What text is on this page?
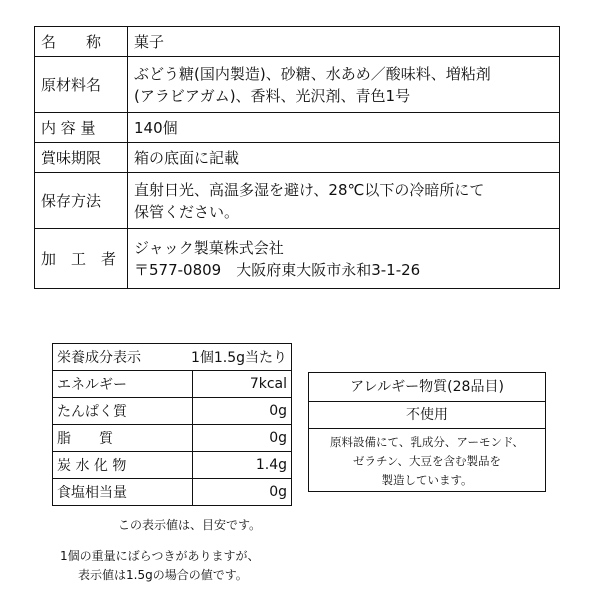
名　　称	菓子
原材料名	ぶどう糖(国内製造)、砂糖、水あめ／酸味料、増粘剤
(アラビアガム)、香料、光沢剤、青色1号

内 容 量	140個
賞味期限	箱の底面に記載
保存方法	直射日光、高温多湿を避け、28℃以下の冷暗所にて
保管ください。

加　工　者	ジャック製菓株式会社
〒577-0809　大阪府東大阪市永和3-1-26
栄養成分表示 1個1.5g当たり	

エネルギー	7kcal
たんぱく質	0g
脂　　質	0g
炭 水 化 物	1.4g
食塩相当量	0g
この表示値は、目安です。
1個の重量にばらつきがありますが、
表示値は1.5gの場合の値です。
アレルギー物質(28品目)
不使用
原料設備にて、乳成分、アーモンド、
ゼラチン、大豆を含む製品を
製造しています。
